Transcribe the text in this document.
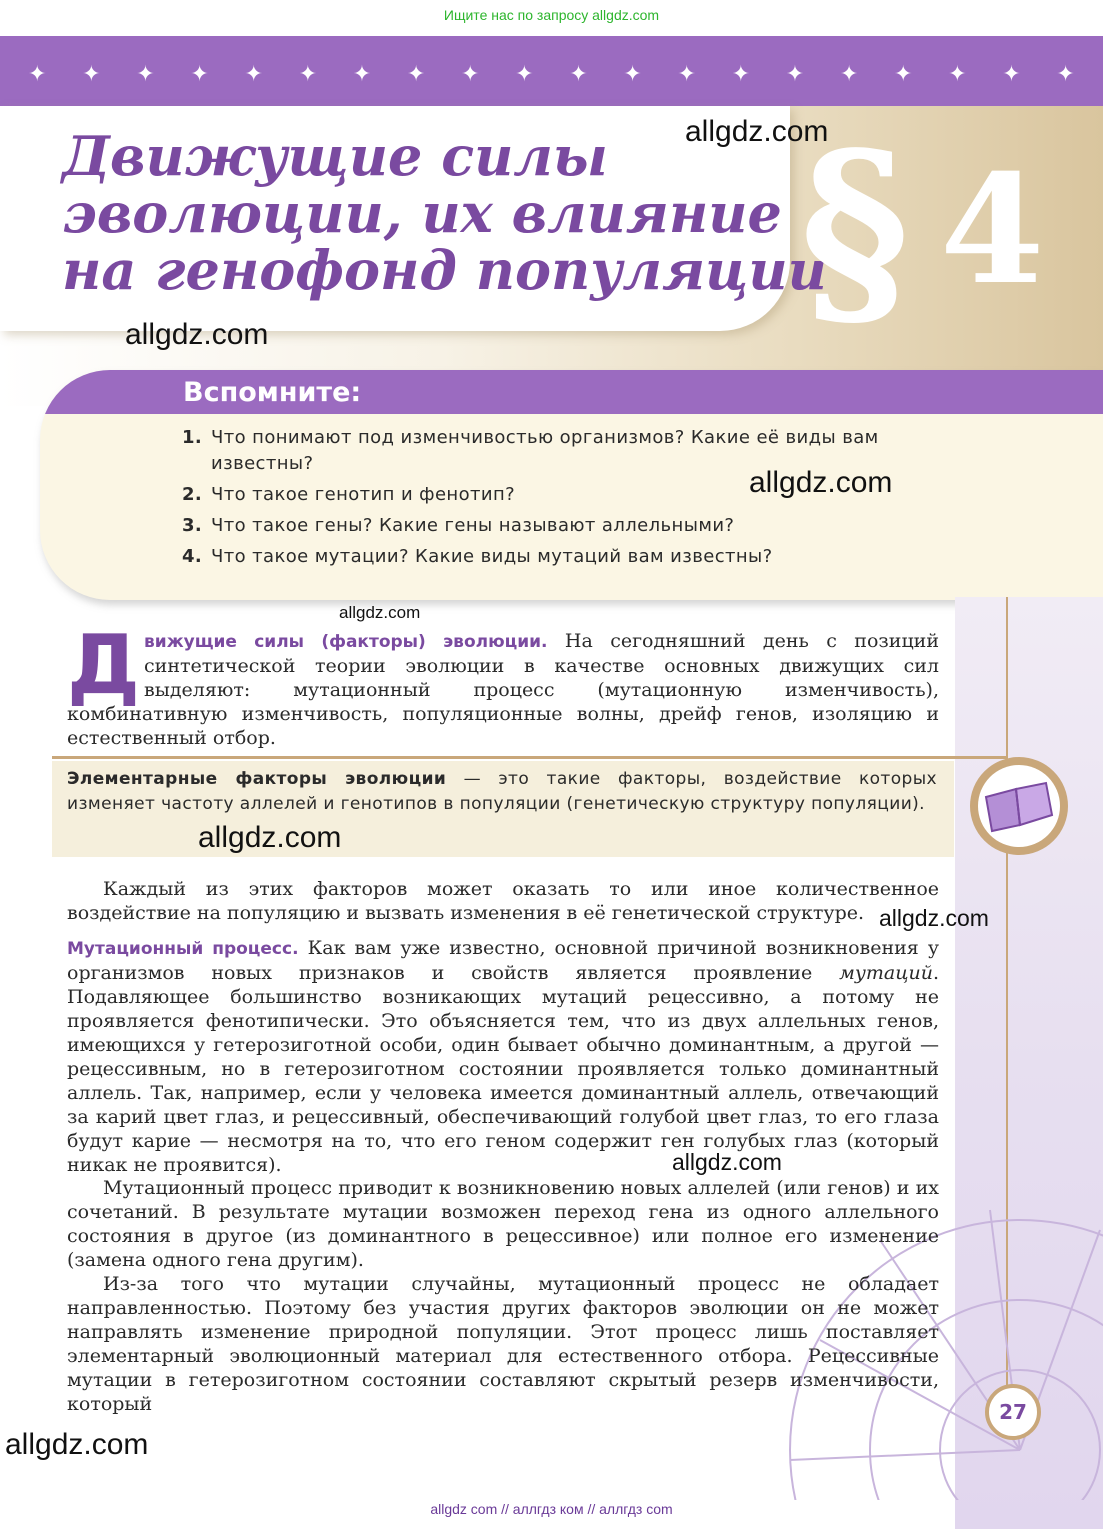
Ищите нас по запросу allgdz.com
✦ ✦ ✦ ✦ ✦ ✦ ✦ ✦ ✦ ✦ ✦ ✦ ✦ ✦ ✦ ✦ ✦ ✦ ✦ ✦
Движущие силы
эволюции, их влияние
на генофонд популяции
§ 4
allgdz.com
allgdz.com
Вспомните:
1. Что понимают под изменчивостью организмов? Какие её виды вам известны?
2. Что такое генотип и фенотип?
3. Что такое гены? Какие гены называют аллельными?
4. Что такое мутации? Какие виды мутаций вам известны?
allgdz.com
allgdz.com

Движущие силы (факторы) эволюции. На сегодняшний день с позиций синтетической теории эволюции в качестве основных движущих сил выделяют: мутационный процесс (мутационную изменчивость), комбинативную изменчивость, популяционные волны, дрейф генов, изоляцию и естественный отбор.

Элементарные факторы эволюции — это такие факторы, воздействие которых изменяет частоту аллелей и генотипов в популяции (генетическую структуру популяции).

allgdz.com

Каждый из этих факторов может оказать то или иное количественное воздействие на популяцию и вызвать изменения в её генетической структуре. allgdz.com

Мутационный процесс. Как вам уже известно, основной причиной возникновения у организмов новых признаков и свойств является проявление мутаций. Подавляющее большинство возникающих мутаций рецессивно, а потому не проявляется фенотипически. Это объясняется тем, что из двух аллельных генов, имеющихся у гетерозиготной особи, один бывает обычно доминантным, а другой — рецессивным, но в гетерозиготном состоянии проявляется только доминантный аллель. Так, например, если у человека имеется доминантный аллель, отвечающий за карий цвет глаз, и рецессивный, обеспечивающий голубой цвет глаз, то его глаза будут карие — несмотря на то, что его геном содержит ген голубых глаз (который никак не проявится).	allgdz.com

Мутационный процесс приводит к возникновению новых аллелей (или генов) и их сочетаний. В результате мутации возможен переход гена из одного аллельного состояния в другое (из доминантного в рецессивное) или полное его изменение (замена одного гена другим).

Из-за того что мутации случайны, мутационный процесс не обладает направленностью. Поэтому без участия других факторов эволюции он не может направлять изменение природной популяции. Этот процесс лишь поставляет элементарный эволюционный материал для естественного отбора. Рецессивные мутации в гетерозиготном состоянии составляют скрытый резерв изменчивости, который	27
allgdz.com
allgdz com // аллгдз ком // аллгдз com
